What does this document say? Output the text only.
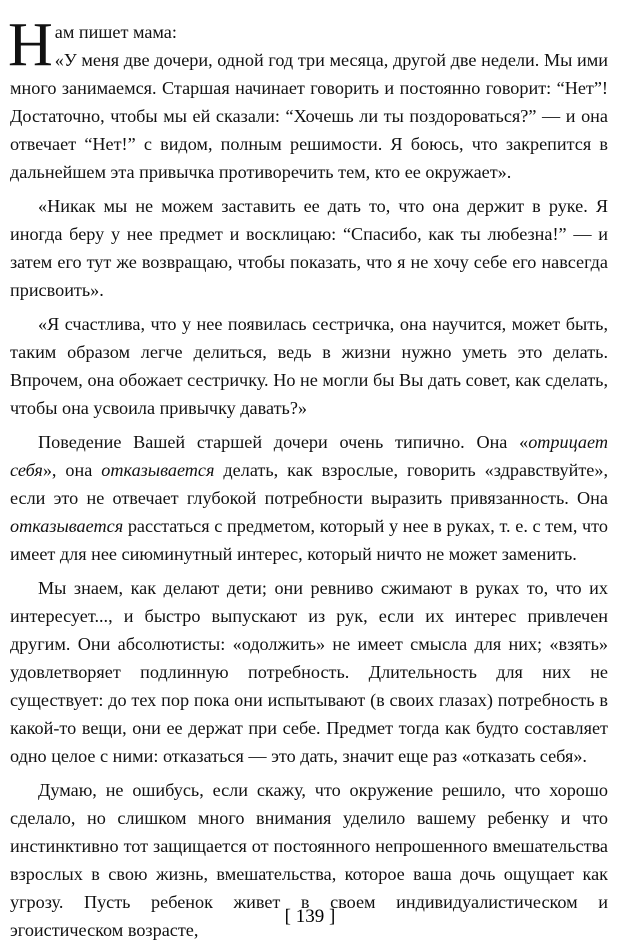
Нам пишет мама:
«У меня две дочери, одной год три месяца, другой две недели. Мы ими много занимаемся. Старшая начинает говорить и постоянно говорит: “Нет”! Достаточно, чтобы мы ей сказали: “Хочешь ли ты поздороваться?” — и она отвечает “Нет!” с видом, полным решимости. Я боюсь, что закрепится в дальнейшем эта привычка противоречить тем, кто ее окружает».

«Никак мы не можем заставить ее дать то, что она держит в руке. Я иногда беру у нее предмет и восклицаю: “Спасибо, как ты любезна!” — и затем его тут же возвращаю, чтобы показать, что я не хочу себе его навсегда присвоить».

«Я счастлива, что у нее появилась сестричка, она научится, может быть, таким образом легче делиться, ведь в жизни нужно уметь это делать. Впрочем, она обожает сестричку. Но не могли бы Вы дать совет, как сделать, чтобы она усвоила привычку давать?»

Поведение Вашей старшей дочери очень типично. Она «отрицает себя», она отказывается делать, как взрослые, говорить «здравствуйте», если это не отвечает глубокой потребности выразить привязанность. Она отказывается расстаться с предметом, который у нее в руках, т. е. с тем, что имеет для нее сиюминутный интерес, который ничто не может заменить.

Мы знаем, как делают дети; они ревниво сжимают в руках то, что их интересует..., и быстро выпускают из рук, если их интерес привлечен другим. Они абсолютисты: «одолжить» не имеет смысла для них; «взять» удовлетворяет подлинную потребность. Длительность для них не существует: до тех пор пока они испытывают (в своих глазах) потребность в какой-то вещи, они ее держат при себе. Предмет тогда как будто составляет одно целое с ними: отказаться — это дать, значит еще раз «отказать себя».

Думаю, не ошибусь, если скажу, что окружение решило, что хорошо сделало, но слишком много внимания уделило вашему ребенку и что инстинктивно тот защищается от постоянного непрошенного вмешательства взрослых в свою жизнь, вмешательства, которое ваша дочь ощущает как угрозу. Пусть ребенок живет в своем индивидуалистическом и эгоистическом возрасте,

[ 139 ]
